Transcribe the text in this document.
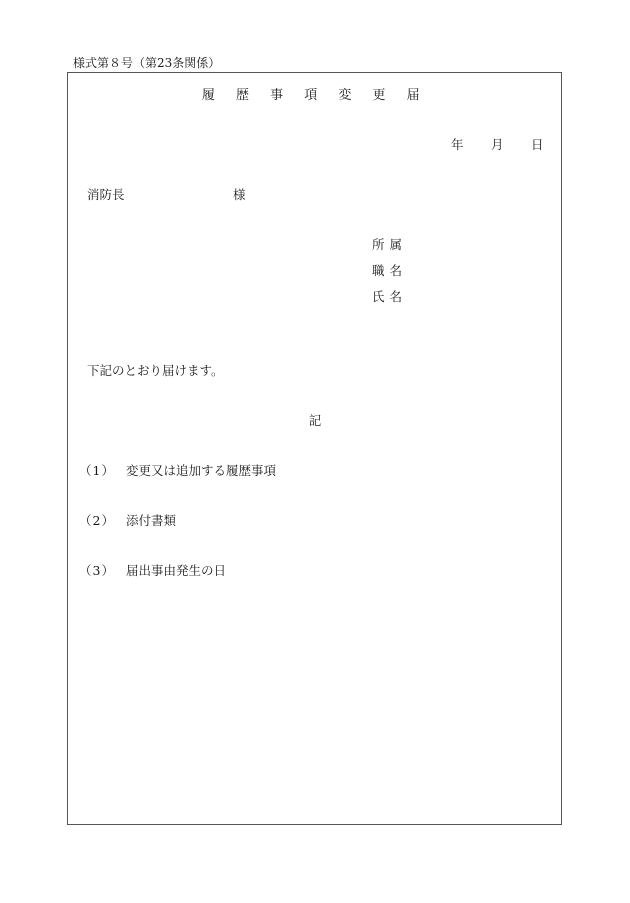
様式第８号（第23条関係）
履 歴 事 項 変 更 届
年 月 日
消防長	様
所属
職名
氏名
下記のとおり届けます。
記
（1） 変更又は追加する履歴事項
（2） 添付書類
（3） 届出事由発生の日
